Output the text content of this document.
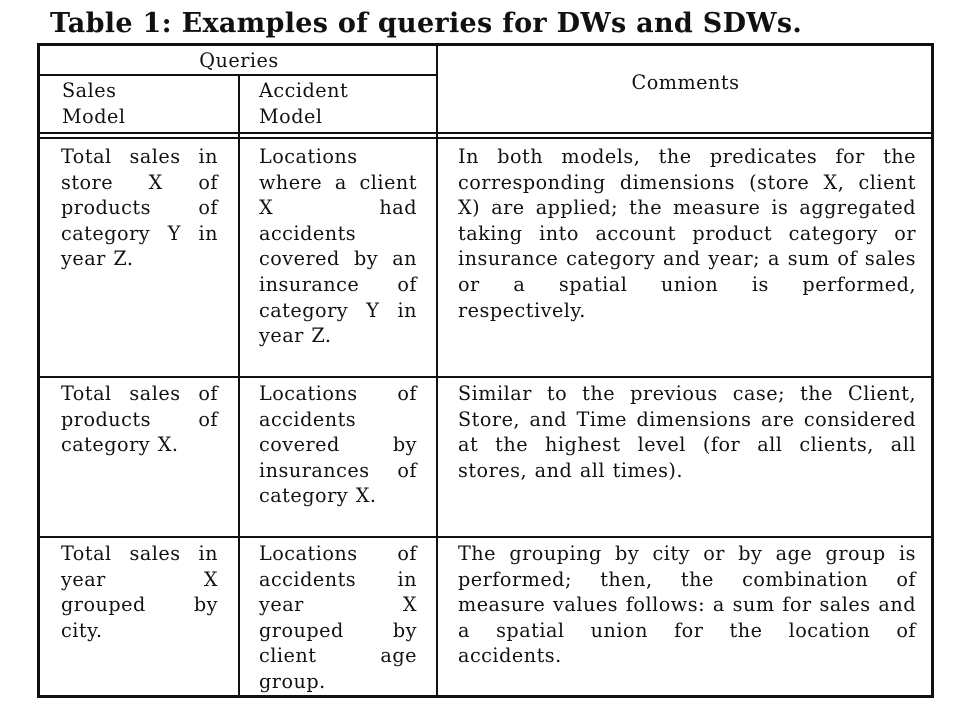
Table 1: Examples of queries for DWs and SDWs.
Queries
Sales
Model
Accident
Model
Comments
Total sales in store X of products of category Y in year Z.
Locations where a client X had accidents covered by an insurance of category Y in year Z.
In both models, the predicates for the corresponding dimensions (store X, client X) are applied; the measure is aggregated taking into account product category or insurance category and year; a sum of sales or a spatial union is performed, respectively.
Total sales of products of category X.
Locations of accidents covered by insurances of category X.
Similar to the previous case; the Client, Store, and Time dimensions are considered at the highest level (for all clients, all stores, and all times).
Total sales in year X grouped by city.
Locations of accidents in year X grouped by client age group.
The grouping by city or by age group is performed; then, the combination of measure values follows: a sum for sales and a spatial union for the location of accidents.
